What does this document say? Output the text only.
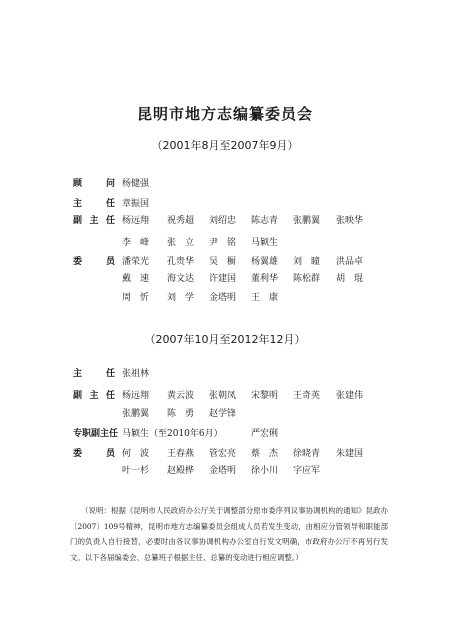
昆明市地方志编纂委员会
（2001年8月至2007年9月）
顾　问 杨健强
主　任 章振国
副主任 杨远翔 祝秀超 刘绍忠 陈志青 张鹏翼 张映华
李　峰 张　立 尹　铭 马颖生
委　员 潘荣光 孔贵华 吴　橱 杨翼雄 刘　瞳 洪品卓
戴　速 海文达 许建国 董利华 陈松群 胡　琨
周　忻 刘　学 金塔明 王　康
（2007年10月至2012年12月）
主　任 张祖林
副主任 杨远翔 黄云波 张朝凤 宋黎明 王奇英 张建伟
张鹏翼 陈　勇 赵学锋
专职副主任 马颖生（至2010年6月）	严宏俐
委　员 何　波 王春燕 管宏亮 蔡　杰 徐晓青 朱建国
叶一杉 赵殿桦 金塔明 徐小川 字应军
（说明：根据《昆明市人民政府办公厅关于调整部分原市委序列议事协调机构的通知》昆政办〔2007〕109号精神，昆明市地方志编纂委员会组成人员若发生变动，由相应分管领导和职能部门的负责人自行接替，必要时由各议事协调机构办公室自行发文明确，市政府办公厅不再另行发文。以下各届编委会、总纂班子根据主任、总纂的变动进行相应调整。）
